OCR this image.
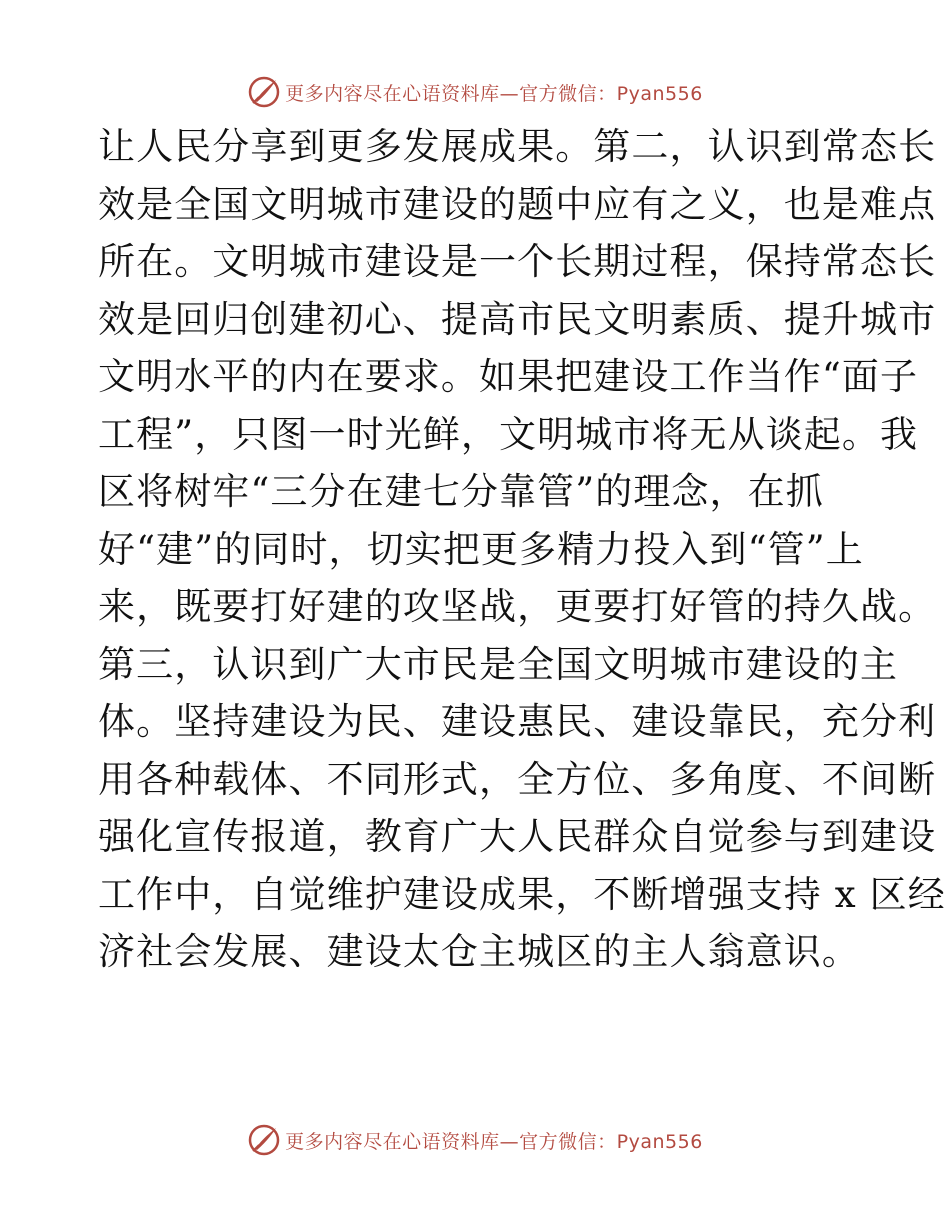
更多内容尽在心语资料库—官方微信：Pyan556
让人民分享到更多发展成果。第二，认识到常态长
效是全国文明城市建设的题中应有之义，也是难点
所在。文明城市建设是一个长期过程，保持常态长
效是回归创建初心、提高市民文明素质、提升城市
文明水平的内在要求。如果把建设工作当作“面子
工程”，只图一时光鲜，文明城市将无从谈起。我
区将树牢“三分在建七分靠管”的理念，在抓
好“建”的同时，切实把更多精力投入到“管”上
来，既要打好建的攻坚战，更要打好管的持久战。
第三，认识到广大市民是全国文明城市建设的主
体。坚持建设为民、建设惠民、建设靠民，充分利
用各种载体、不同形式，全方位、多角度、不间断
强化宣传报道，教育广大人民群众自觉参与到建设
工作中，自觉维护建设成果，不断增强支持 x 区经
济社会发展、建设太仓主城区的主人翁意识。
更多内容尽在心语资料库—官方微信：Pyan556
